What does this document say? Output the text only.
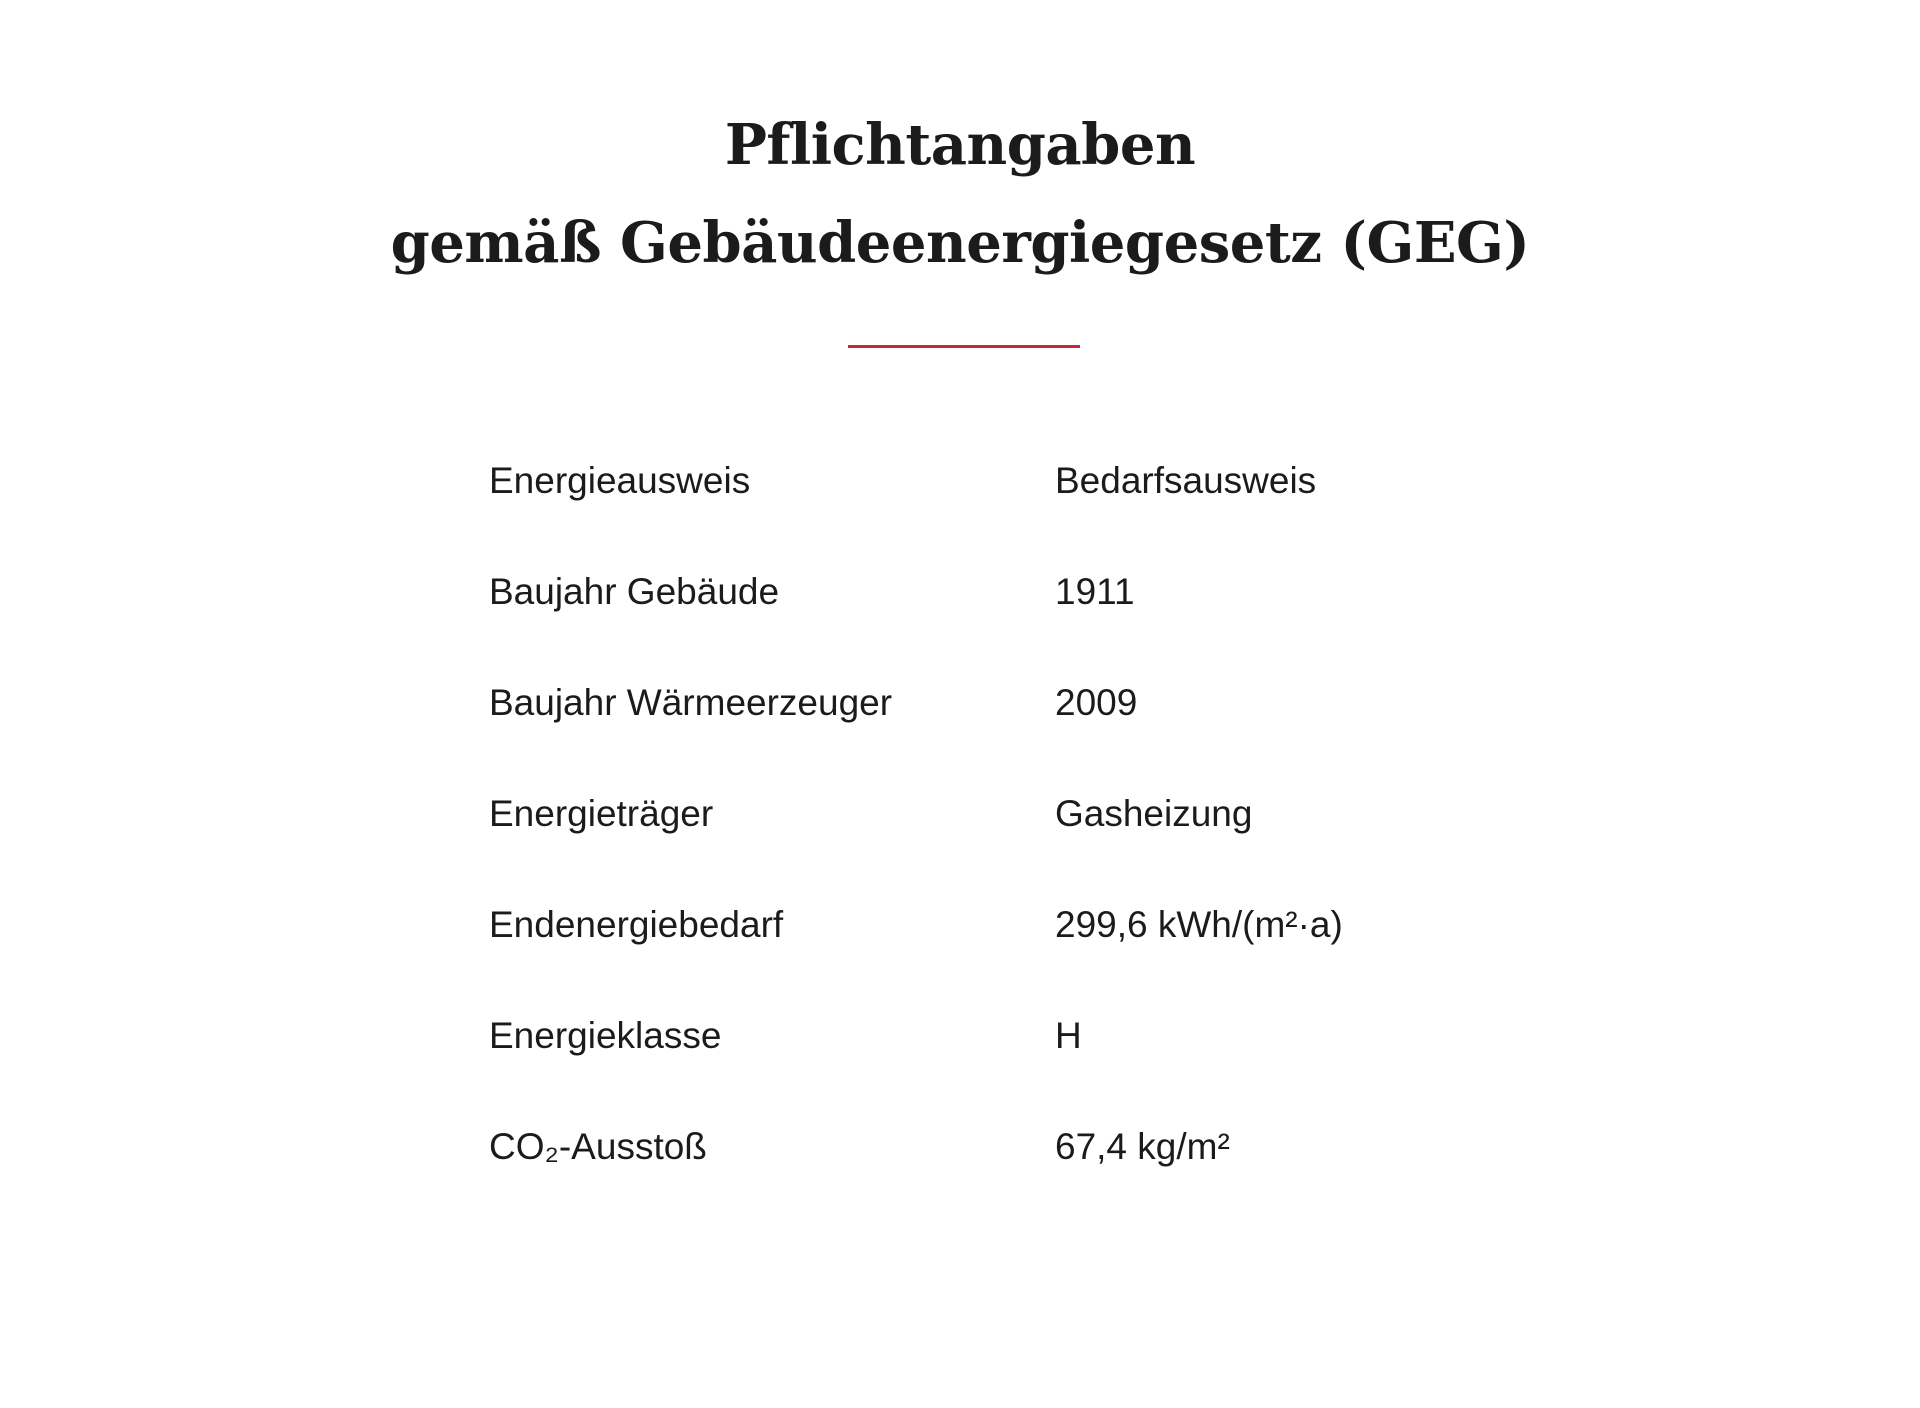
Pflichtangaben
gemäß Gebäudeenergiegesetz (GEG)
Energieausweis	Bedarfsausweis
Baujahr Gebäude	1911
Baujahr Wärmeerzeuger	2009
Energieträger	Gasheizung
Endenergiebedarf	299,6 kWh/(m²·a)
Energieklasse	H
CO₂-Ausstoß	67,4 kg/m²
